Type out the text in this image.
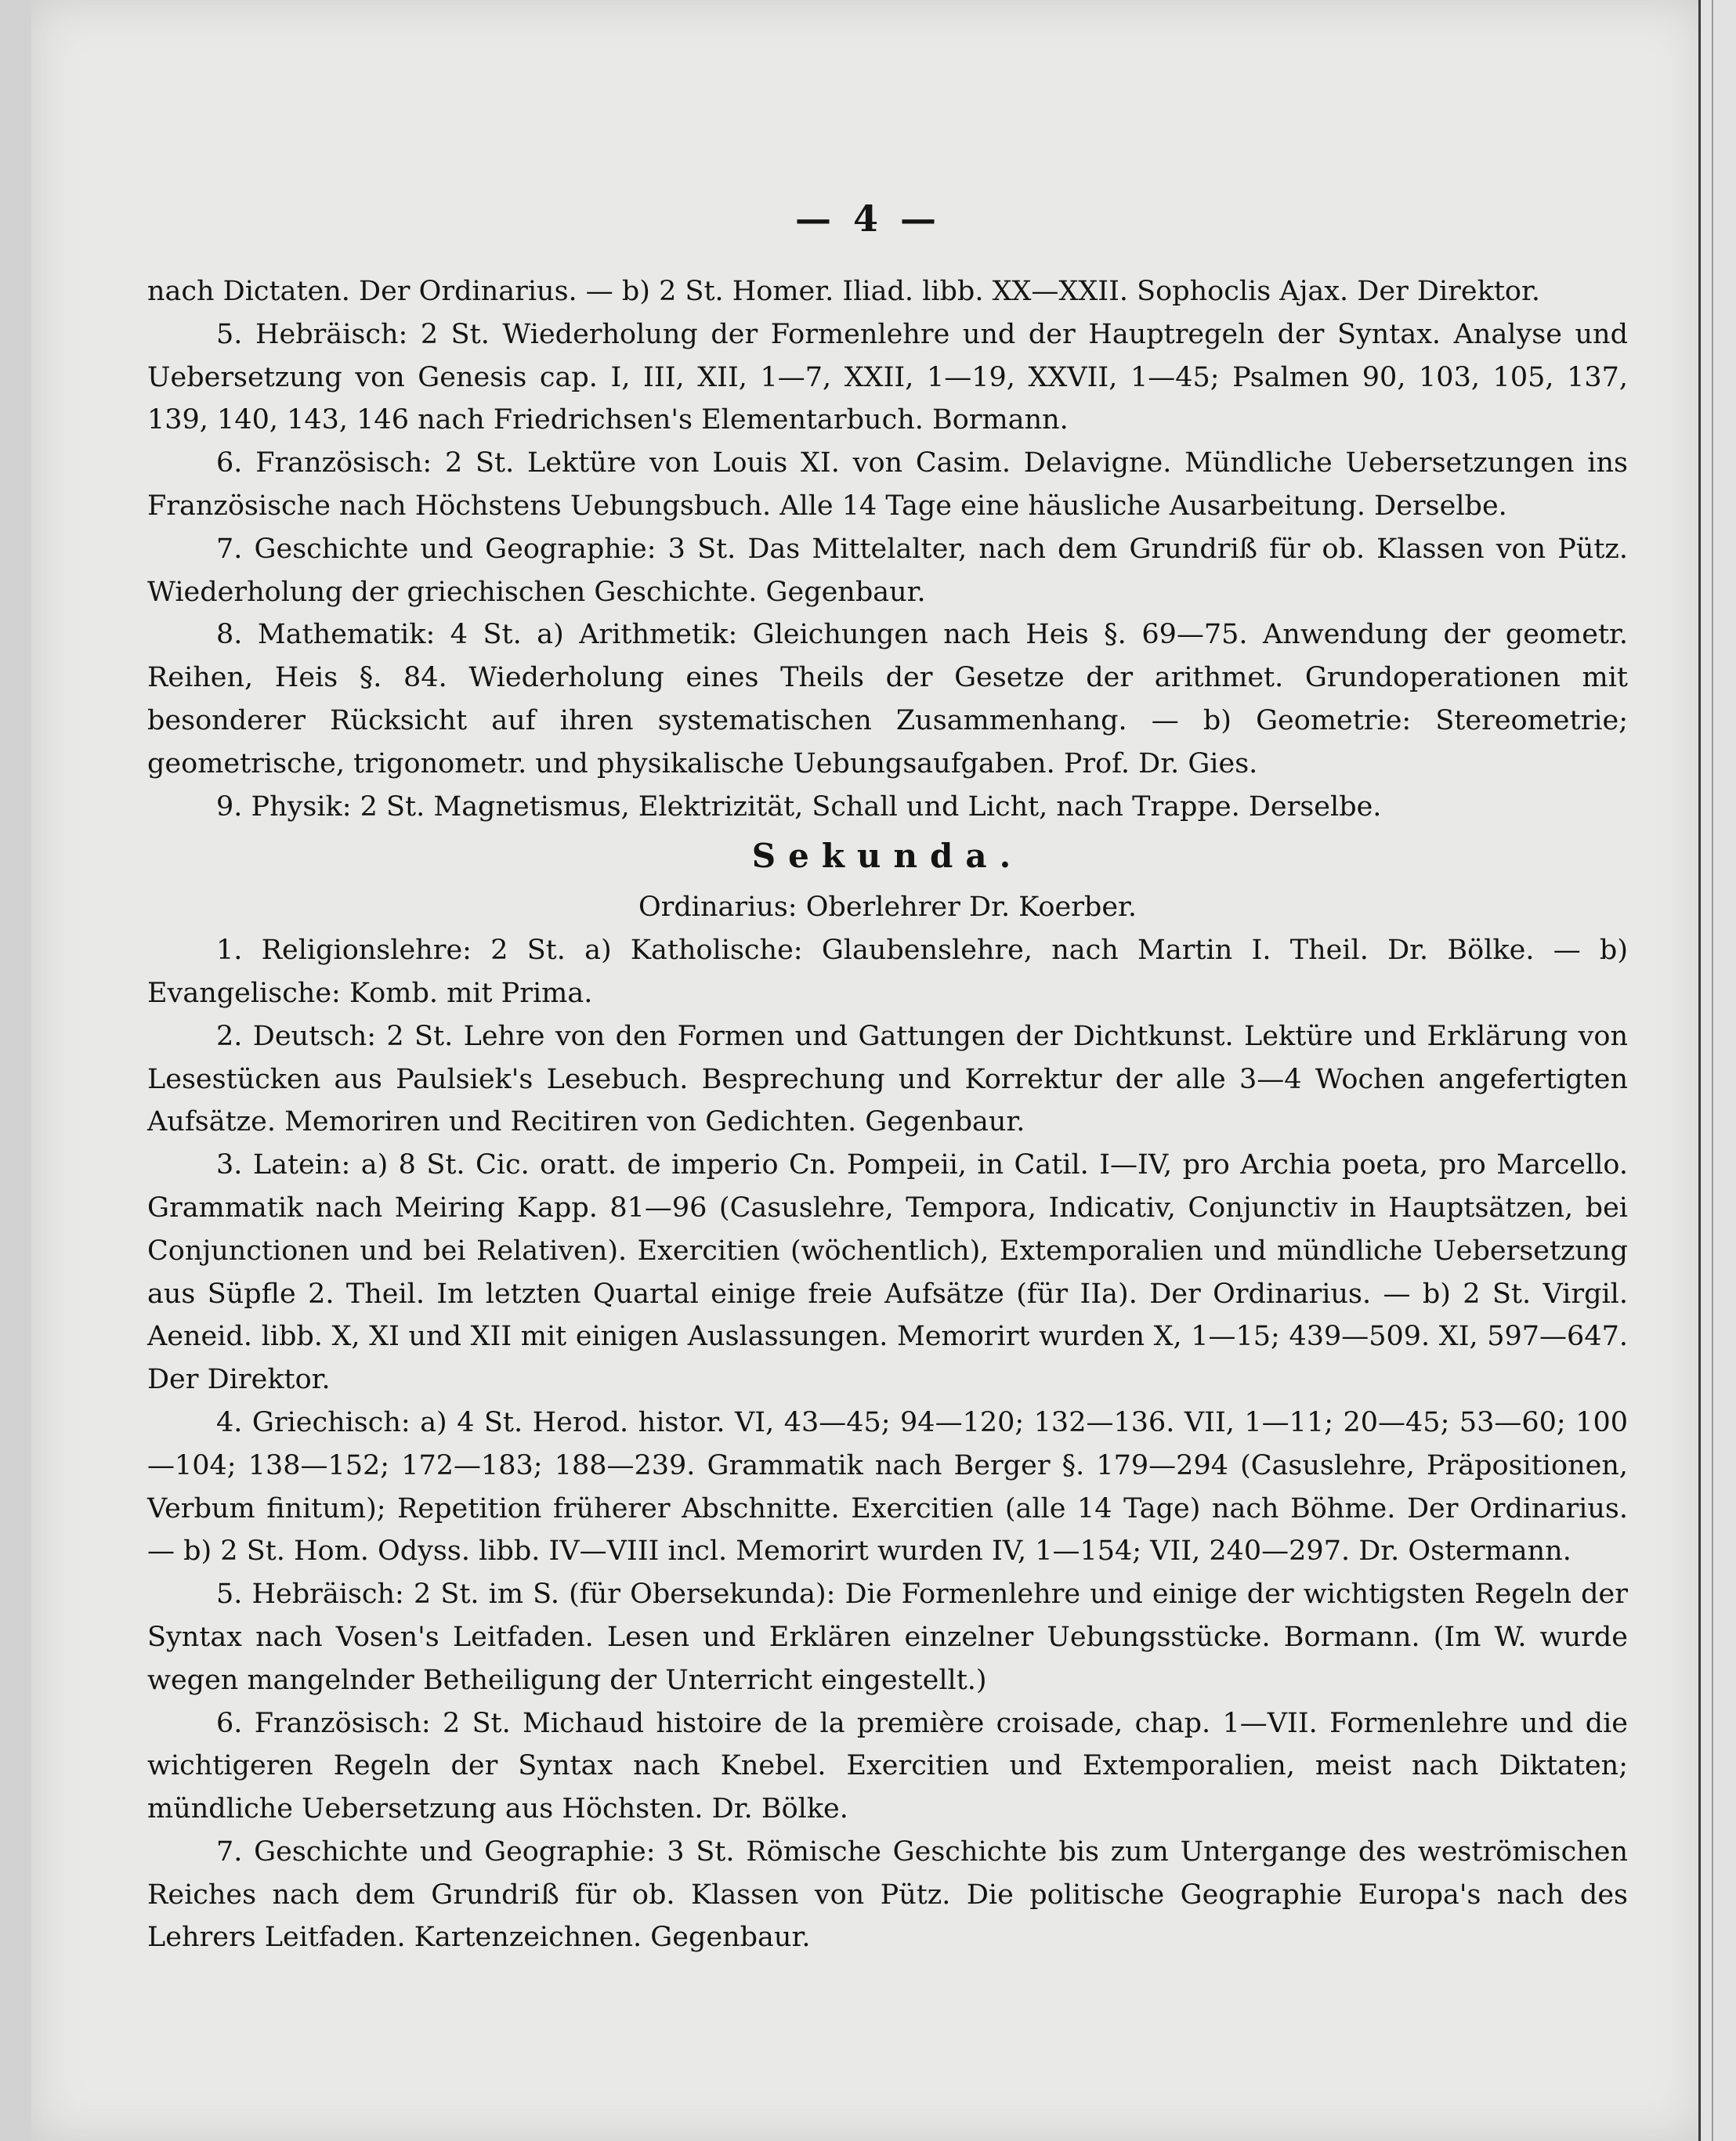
— 4 —

nach Dictaten. Der Ordinarius. — b) 2 St. Homer. Iliad. libb. XX—XXII. Sophoclis Ajax. Der Direktor.

5. Hebräisch: 2 St. Wiederholung der Formenlehre und der Hauptregeln der Syntax. Analyse und Uebersetzung von Genesis cap. I, III, XII, 1—7, XXII, 1—19, XXVII, 1—45; Psalmen 90, 103, 105, 137, 139, 140, 143, 146 nach Friedrichsen's Elementarbuch. Bormann.

6. Französisch: 2 St. Lektüre von Louis XI. von Casim. Delavigne. Mündliche Uebersetzungen ins Französische nach Höchstens Uebungsbuch. Alle 14 Tage eine häusliche Ausarbeitung. Derselbe.

7. Geschichte und Geographie: 3 St. Das Mittelalter, nach dem Grundriß für ob. Klassen von Pütz. Wiederholung der griechischen Geschichte. Gegenbaur.

8. Mathematik: 4 St. a) Arithmetik: Gleichungen nach Heis §. 69—75. Anwendung der geometr. Reihen, Heis §. 84. Wiederholung eines Theils der Gesetze der arithmet. Grundoperationen mit besonderer Rücksicht auf ihren systematischen Zusammenhang. — b) Geometrie: Stereometrie; geometrische, trigonometr. und physikalische Uebungsaufgaben. Prof. Dr. Gies.

9. Physik: 2 St. Magnetismus, Elektrizität, Schall und Licht, nach Trappe. Derselbe.

Sekunda.
Ordinarius: Oberlehrer Dr. Koerber.

1. Religionslehre: 2 St. a) Katholische: Glaubenslehre, nach Martin I. Theil. Dr. Bölke. — b) Evangelische: Komb. mit Prima.

2. Deutsch: 2 St. Lehre von den Formen und Gattungen der Dichtkunst. Lektüre und Erklärung von Lesestücken aus Paulsiek's Lesebuch. Besprechung und Korrektur der alle 3—4 Wochen angefertigten Aufsätze. Memoriren und Recitiren von Gedichten. Gegenbaur.

3. Latein: a) 8 St. Cic. oratt. de imperio Cn. Pompeii, in Catil. I—IV, pro Archia poeta, pro Marcello. Grammatik nach Meiring Kapp. 81—96 (Casuslehre, Tempora, Indicativ, Conjunctiv in Hauptsätzen, bei Conjunctionen und bei Relativen). Exercitien (wöchentlich), Extemporalien und mündliche Uebersetzung aus Süpfle 2. Theil. Im letzten Quartal einige freie Aufsätze (für IIa). Der Ordinarius. — b) 2 St. Virgil. Aeneid. libb. X, XI und XII mit einigen Auslassungen. Memorirt wurden X, 1—15; 439—509. XI, 597—647. Der Direktor.

4. Griechisch: a) 4 St. Herod. histor. VI, 43—45; 94—120; 132—136. VII, 1—11; 20—45; 53—60; 100—104; 138—152; 172—183; 188—239. Grammatik nach Berger §. 179—294 (Casuslehre, Präpositionen, Verbum finitum); Repetition früherer Abschnitte. Exercitien (alle 14 Tage) nach Böhme. Der Ordinarius. — b) 2 St. Hom. Odyss. libb. IV—VIII incl. Memorirt wurden IV, 1—154; VII, 240—297. Dr. Ostermann.

5. Hebräisch: 2 St. im S. (für Obersekunda): Die Formenlehre und einige der wichtigsten Regeln der Syntax nach Vosen's Leitfaden. Lesen und Erklären einzelner Uebungsstücke. Bormann. (Im W. wurde wegen mangelnder Betheiligung der Unterricht eingestellt.)

6. Französisch: 2 St. Michaud histoire de la première croisade, chap. 1—VII. Formenlehre und die wichtigeren Regeln der Syntax nach Knebel. Exercitien und Extemporalien, meist nach Diktaten; mündliche Uebersetzung aus Höchsten. Dr. Bölke.

7. Geschichte und Geographie: 3 St. Römische Geschichte bis zum Untergange des weströmischen Reiches nach dem Grundriß für ob. Klassen von Pütz. Die politische Geographie Europa's nach des Lehrers Leitfaden. Kartenzeichnen. Gegenbaur.
